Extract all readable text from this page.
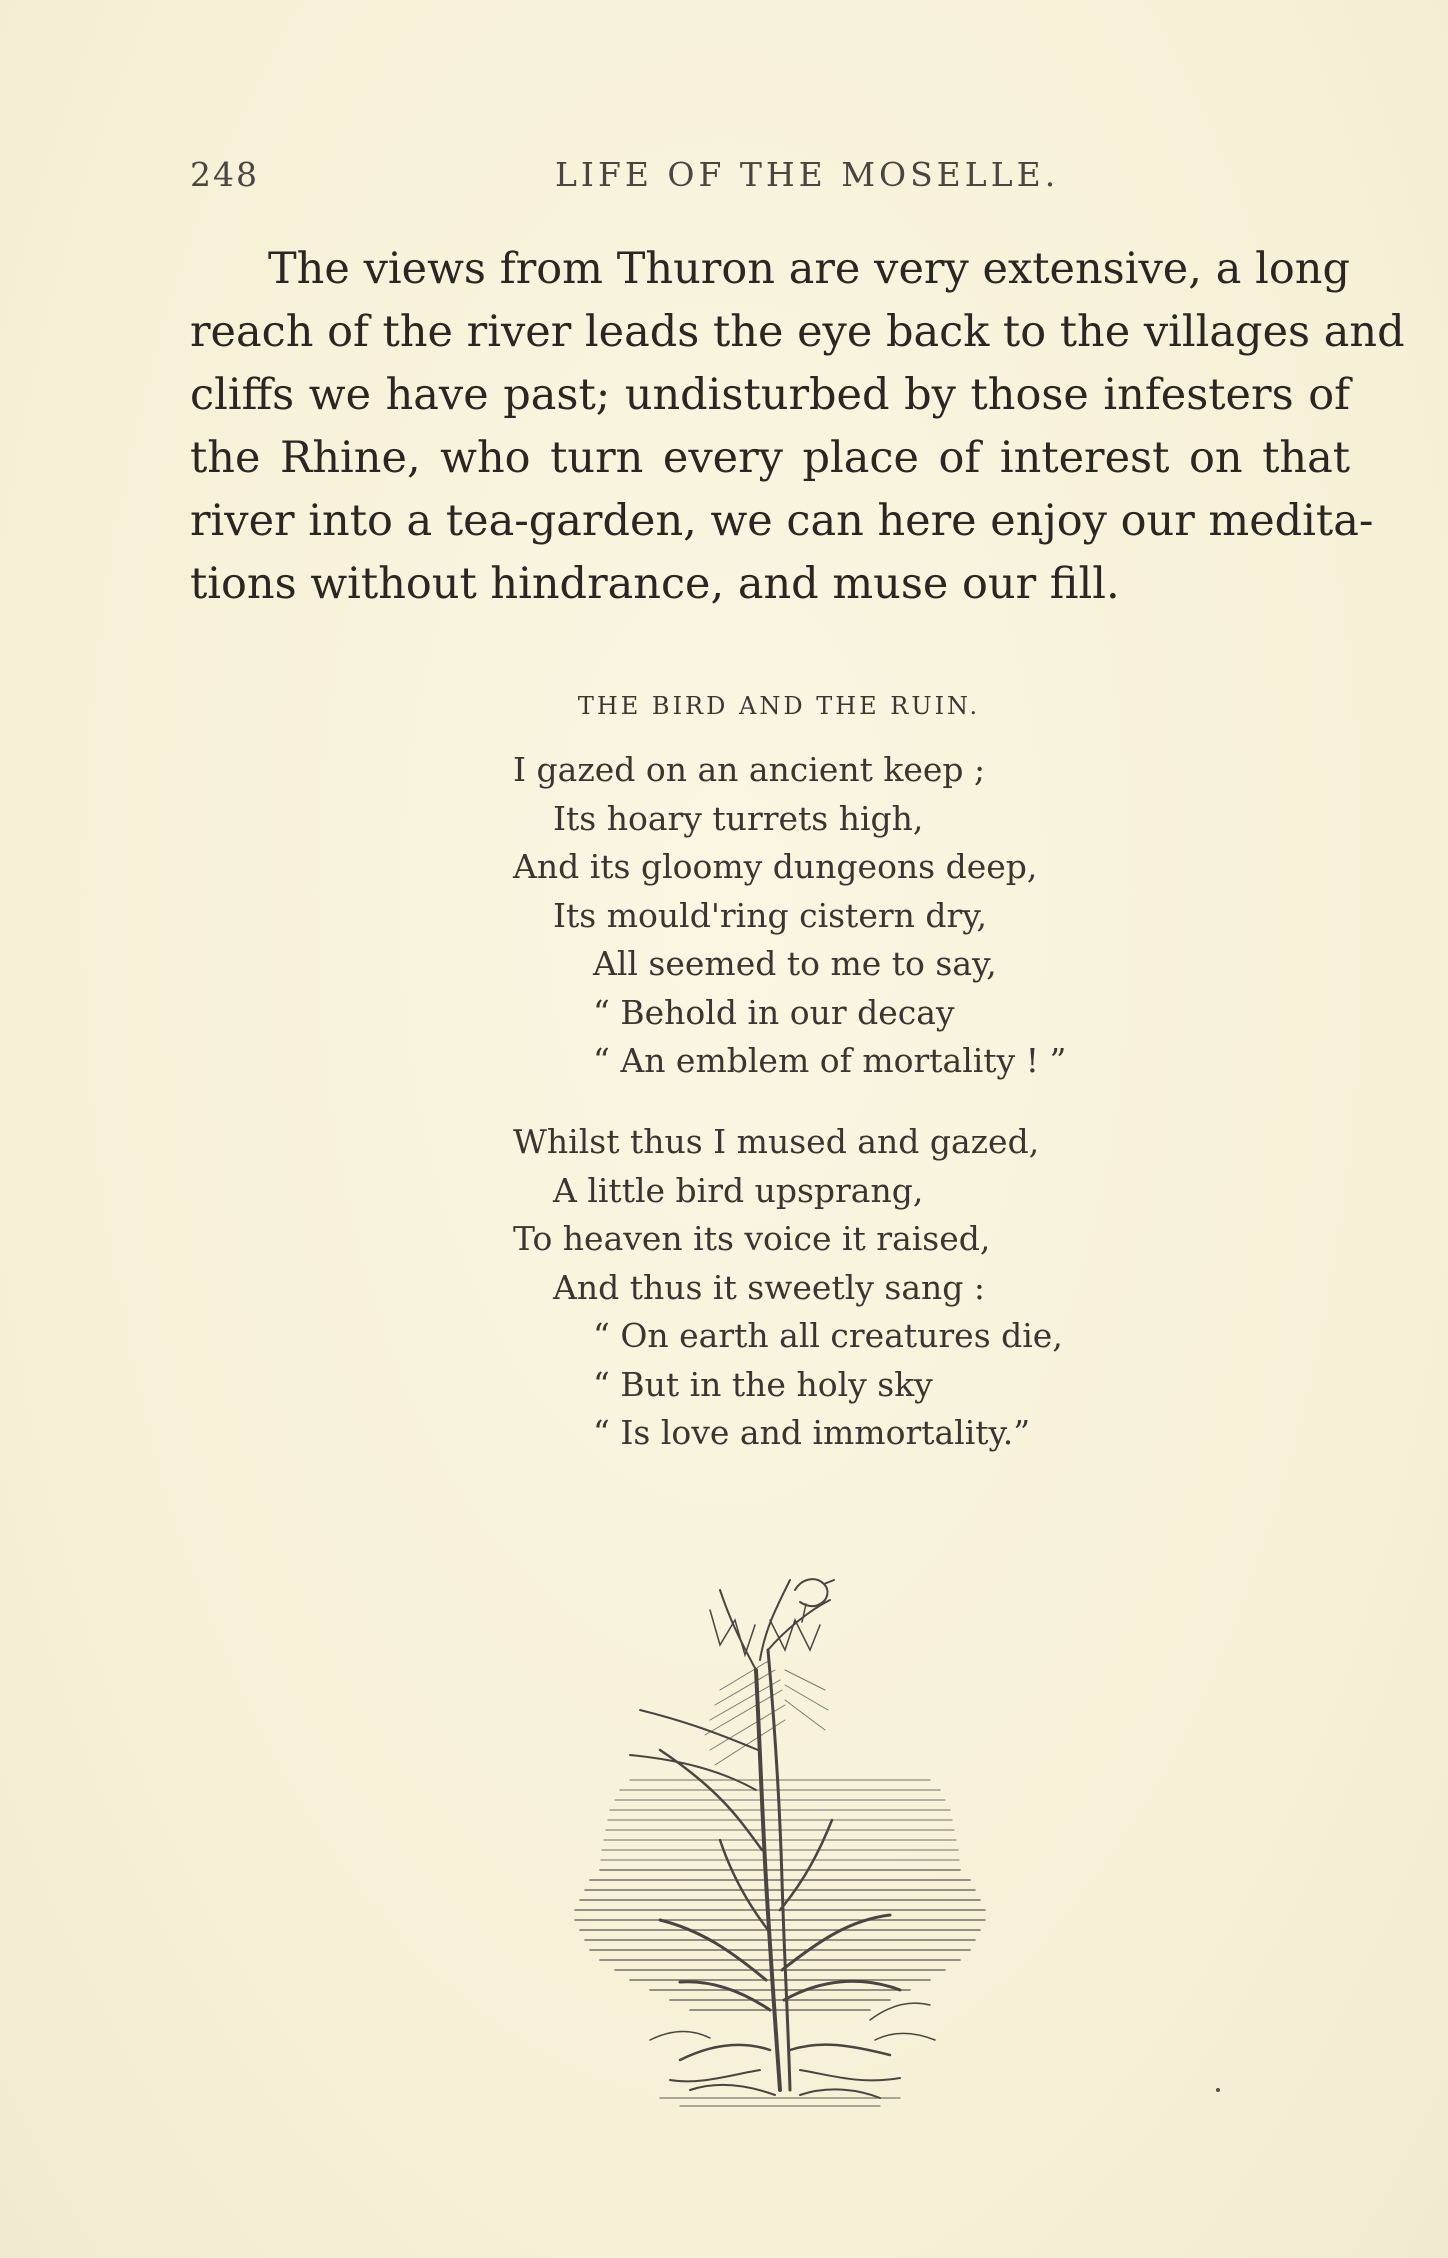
248	LIFE OF THE MOSELLE.
The views from Thuron are very extensive, a long
reach of the river leads the eye back to the villages and
cliffs we have past; undisturbed by those infesters of
the Rhine, who turn every place of interest on that
river into a tea-garden, we can here enjoy our medita-
tions without hindrance, and muse our fill.
THE BIRD AND THE RUIN.
I gazed on an ancient keep ;
Its hoary turrets high,
And its gloomy dungeons deep,
Its mould'ring cistern dry,
All seemed to me to say,
“ Behold in our decay
“ An emblem of mortality ! ”
Whilst thus I mused and gazed,
A little bird upsprang,
To heaven its voice it raised,
And thus it sweetly sang :
“ On earth all creatures die,
“ But in the holy sky
“ Is love and immortality.”
